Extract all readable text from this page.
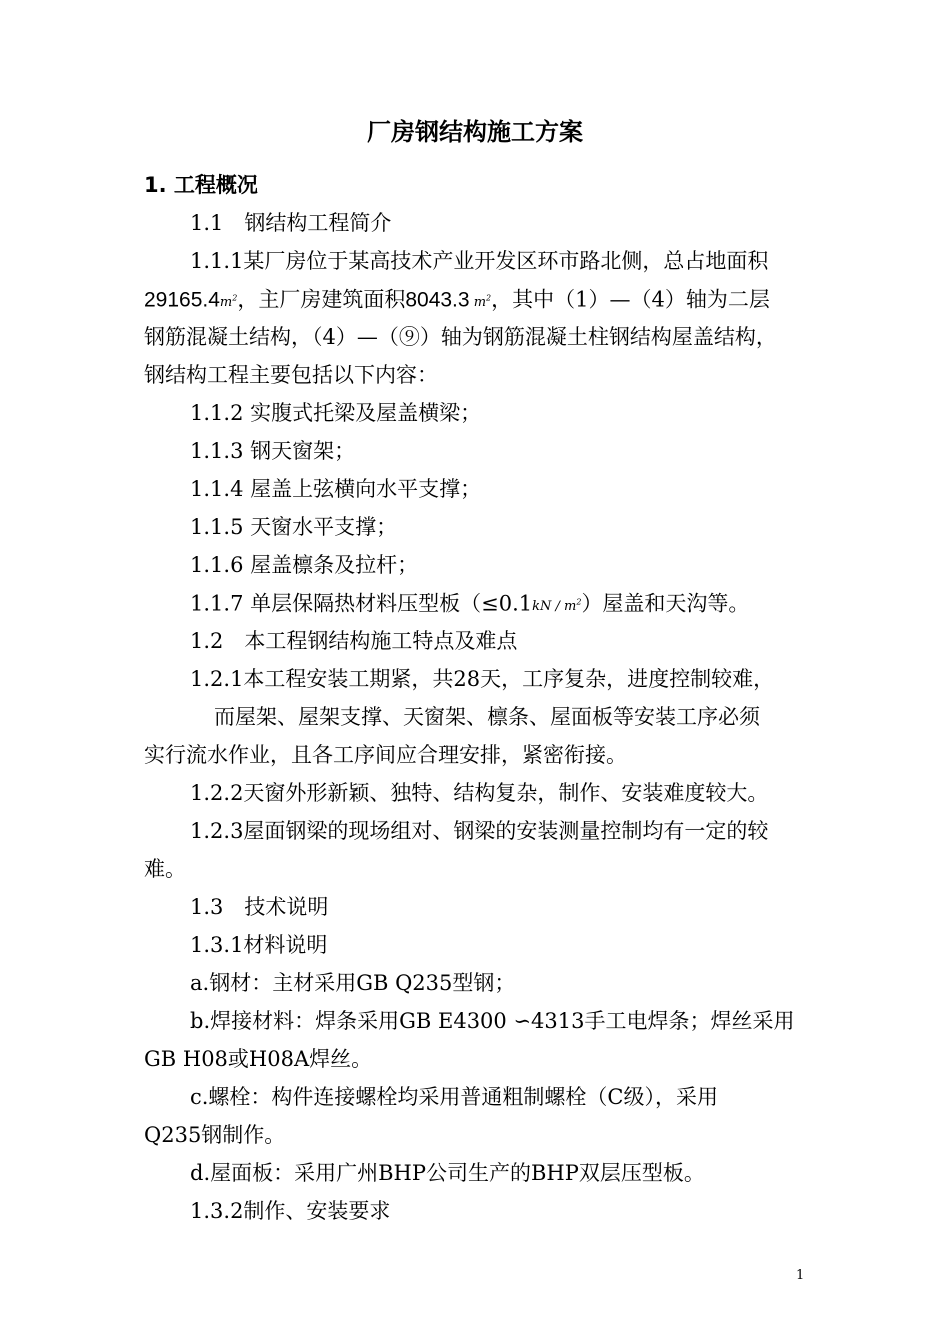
厂房钢结构施工方案
1. 工程概况
1.1　钢结构工程简介
1.1.1某厂房位于某高技术产业开发区环市路北侧，总占地面积
$29165.4m^2$，主厂房建筑面积8043.3 $m^2$，其中（1）—（4）轴为二层
钢筋混凝土结构，（4）—（⑨）轴为钢筋混凝土柱钢结构屋盖结构，
钢结构工程主要包括以下内容：
1.1.2 实腹式托梁及屋盖横梁；
1.1.3 钢天窗架；
1.1.4 屋盖上弦横向水平支撑；
1.1.5 天窗水平支撑；
1.1.6 屋盖檩条及拉杆；
1.1.7 单层保隔热材料压型板$(\le 0.1kN / m^2)$屋盖和天沟等。
1.2　本工程钢结构施工特点及难点
1.2.1本工程安装工期紧，共28天，工序复杂，进度控制较难，
而屋架、屋架支撑、天窗架、檩条、屋面板等安装工序必须
实行流水作业，且各工序间应合理安排，紧密衔接。
1.2.2天窗外形新颖、独特、结构复杂，制作、安装难度较大。
1.2.3屋面钢梁的现场组对、钢梁的安装测量控制均有一定的较
难。
1.3　技术说明
1.3.1材料说明
a.钢材：主材采用GB Q235型钢；
b.焊接材料：焊条采用GB E4300 ∽4313手工电焊条；焊丝采用
GB H08或H08A焊丝。
c.螺栓：构件连接螺栓均采用普通粗制螺栓（C级），采用
Q235钢制作。
d.屋面板：采用广州BHP公司生产的BHP双层压型板。
1.3.2制作、安装要求
1
